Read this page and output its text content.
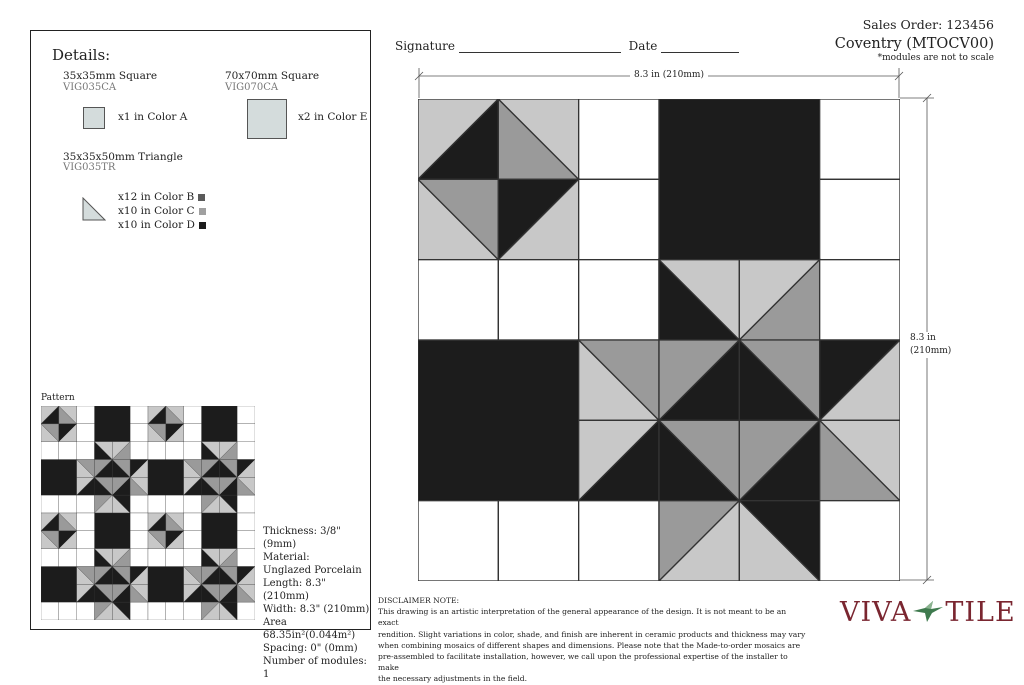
Details:
35x35mm Square
VIG035CA
x1 in Color A
70x70mm Square
VIG070CA
x2 in Color E
35x35x50mm Triangle
VIG035TR
x12 in Color B
x10 in Color C
x10 in Color D
Pattern
Thickness: 3/8" (9mm)
Material:
Unglazed Porcelain
Length: 8.3" (210mm)
Width: 8.3" (210mm)
Area 68.35in²(0.044m²)
Spacing: 0" (0mm)
Number of modules: 1
Signature	Date
Sales Order: 123456
Coventry (MTOCV00)
*modules are not to scale
8.3 in (210mm)
8.3 in
(210mm)
DISCLAIMER NOTE:
This drawing is an artistic interpretation of the general appearance of the design. It is not meant to be an exact
rendition. Slight variations in color, shade, and finish are inherent in ceramic products and thickness may vary
when combining mosaics of different shapes and dimensions. Please note that the Made-to-order mosaics are
pre-assembled to facilitate installation, however, we call upon the professional expertise of the installer to make
the necessary adjustments in the field.
VIVA TILE
